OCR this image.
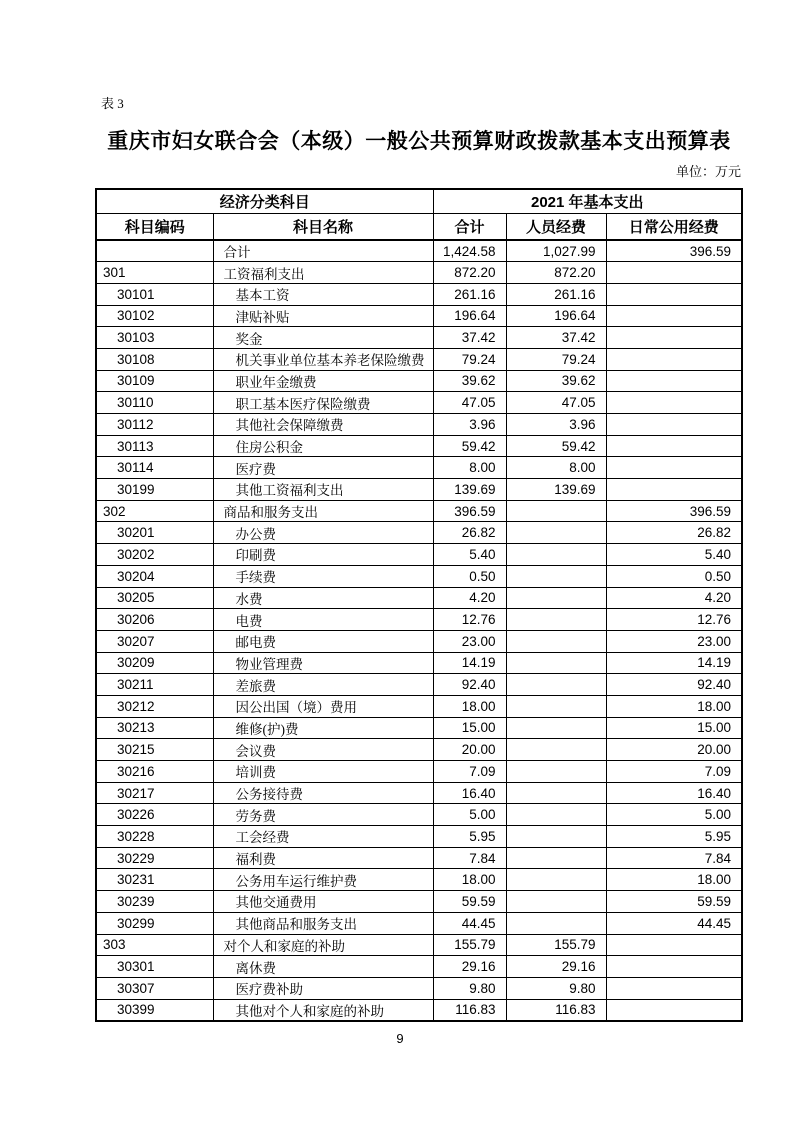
表 3
重庆市妇女联合会（本级）一般公共预算财政拨款基本支出预算表
单位：万元
经济分类科目		2021 年基本支出		
科目编码	科目名称	合计	人员经费	日常公用经费
	合计	1,424.58	1,027.99	396.59
301	工资福利支出	872.20	872.20	
30101	基本工资	261.16	261.16	
30102	津贴补贴	196.64	196.64	
30103	奖金	37.42	37.42	
30108	机关事业单位基本养老保险缴费	79.24	79.24	
30109	职业年金缴费	39.62	39.62	
30110	职工基本医疗保险缴费	47.05	47.05	
30112	其他社会保障缴费	3.96	3.96	
30113	住房公积金	59.42	59.42	
30114	医疗费	8.00	8.00	
30199	其他工资福利支出	139.69	139.69	
302	商品和服务支出	396.59		396.59
30201	办公费	26.82		26.82
30202	印刷费	5.40		5.40
30204	手续费	0.50		0.50
30205	水费	4.20		4.20
30206	电费	12.76		12.76
30207	邮电费	23.00		23.00
30209	物业管理费	14.19		14.19
30211	差旅费	92.40		92.40
30212	因公出国（境）费用	18.00		18.00
30213	维修(护)费	15.00		15.00
30215	会议费	20.00		20.00
30216	培训费	7.09		7.09
30217	公务接待费	16.40		16.40
30226	劳务费	5.00		5.00
30228	工会经费	5.95		5.95
30229	福利费	7.84		7.84
30231	公务用车运行维护费	18.00		18.00
30239	其他交通费用	59.59		59.59
30299	其他商品和服务支出	44.45		44.45
303	对个人和家庭的补助	155.79	155.79	
30301	离休费	29.16	29.16	
30307	医疗费补助	9.80	9.80	
30399	其他对个人和家庭的补助	116.83	116.83	
9
